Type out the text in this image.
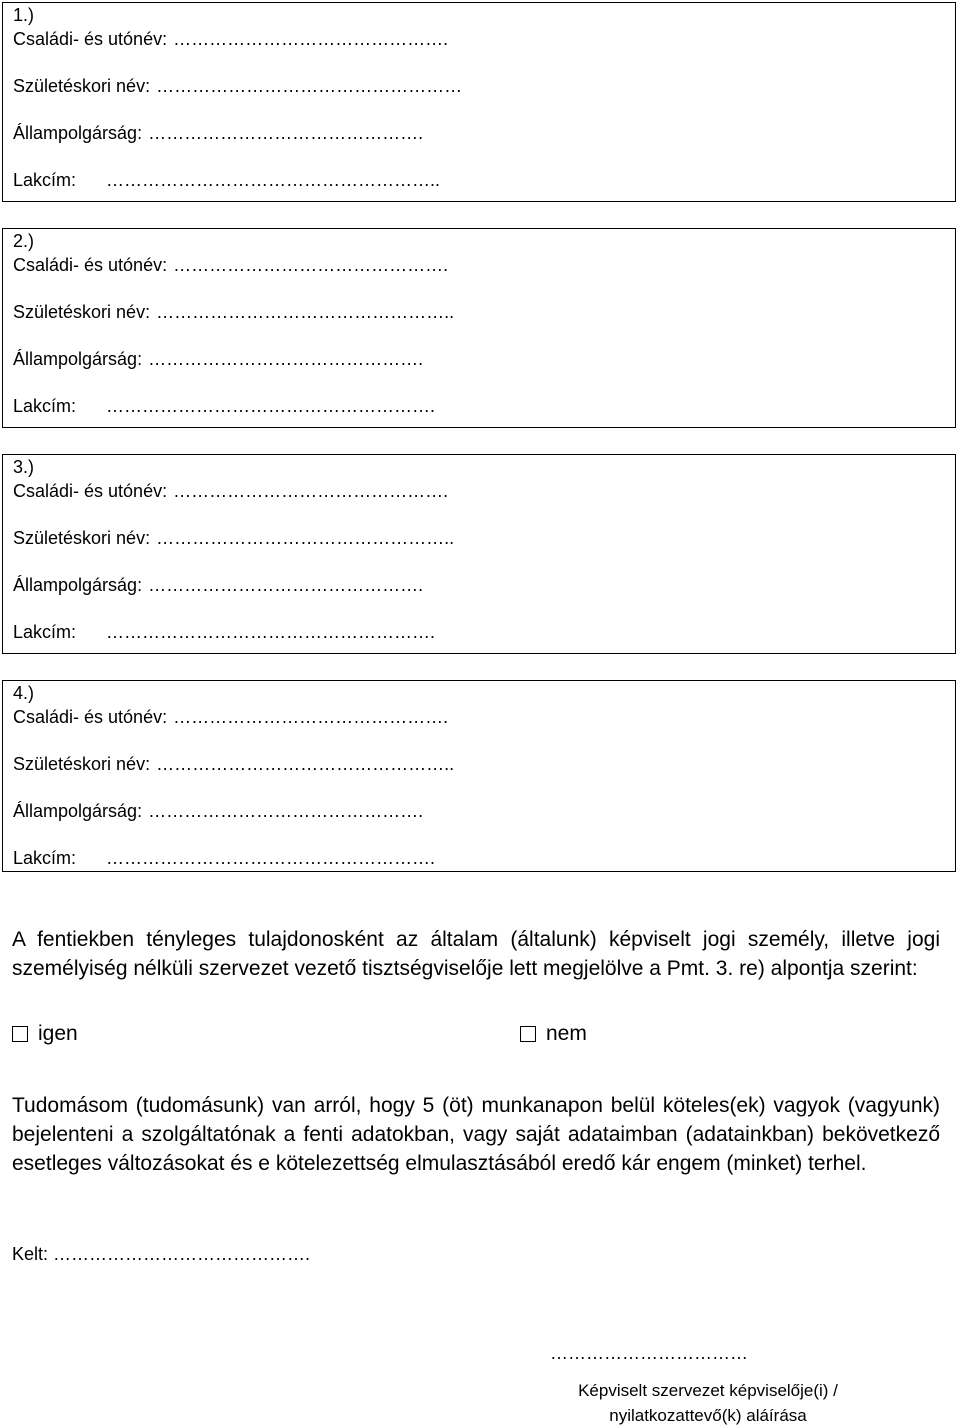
1.)
Családi- és utónév: ……………………………………….
Születéskori név: ……………………………………………
Állampolgárság: ……………………………………….
Lakcím: ………………………………………………..
2.)
Családi- és utónév: ……………………………………….
Születéskori név: …………………………………………..
Állampolgárság: ……………………………………….
Lakcím: ……………………………………………….
3.)
Családi- és utónév: ……………………………………….
Születéskori név: …………………………………………..
Állampolgárság: ……………………………………….
Lakcím: ……………………………………………….
4.)
Családi- és utónév: ……………………………………….
Születéskori név: …………………………………………..
Állampolgárság: ……………………………………….
Lakcím: ……………………………………………….
A fentiekben tényleges tulajdonosként az általam (általunk) képviselt jogi személy, illetve jogi személyiség nélküli szervezet vezető tisztségviselője lett megjelölve a Pmt. 3. re) alpontja szerint:
igen	nem
Tudomásom (tudomásunk) van arról, hogy 5 (öt) munkanapon belül köteles(ek) vagyok (vagyunk) bejelenteni a szolgáltatónak a fenti adatokban, vagy saját adataimban (adatainkban) bekövetkező esetleges változásokat és e kötelezettség elmulasztásából eredő kár engem (minket) terhel.
Kelt: …………………………………….
……………………………
Képviselt szervezet képviselője(i) /
nyilatkozattevő(k) aláírása
